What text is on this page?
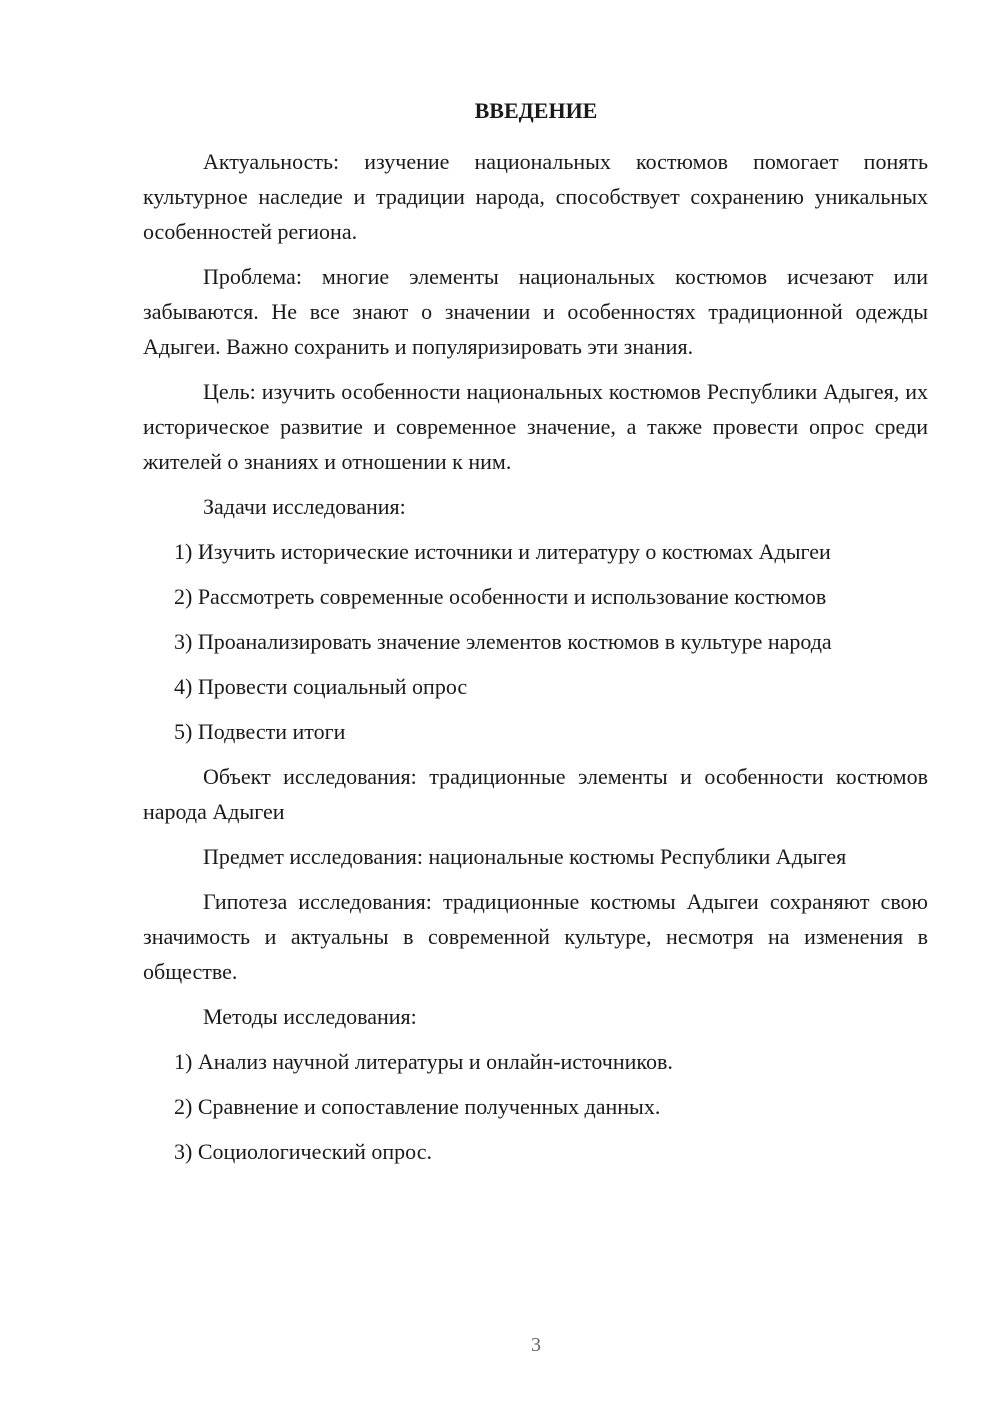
ВВЕДЕНИЕ

Актуальность: изучение национальных костюмов помогает понять культурное наследие и традиции народа, способствует сохранению уникальных особенностей региона.

Проблема: многие элементы национальных костюмов исчезают или забываются. Не все знают о значении и особенностях традиционной одежды Адыгеи. Важно сохранить и популяризировать эти знания.

Цель: изучить особенности национальных костюмов Республики Адыгея, их историческое развитие и современное значение, а также провести опрос среди жителей о знаниях и отношении к ним.

Задачи исследования:

1) Изучить исторические источники и литературу о костюмах Адыгеи
2) Рассмотреть современные особенности и использование костюмов
3) Проанализировать значение элементов костюмов в культуре народа
4) Провести социальный опрос
5) Подвести итоги

Объект исследования: традиционные элементы и особенности костюмов народа Адыгеи

Предмет исследования: национальные костюмы Республики Адыгея

Гипотеза исследования: традиционные костюмы Адыгеи сохраняют свою значимость и актуальны в современной культуре, несмотря на изменения в обществе.

Методы исследования:

1) Анализ научной литературы и онлайн-источников.
2) Сравнение и сопоставление полученных данных.
3) Социологический опрос.
3
